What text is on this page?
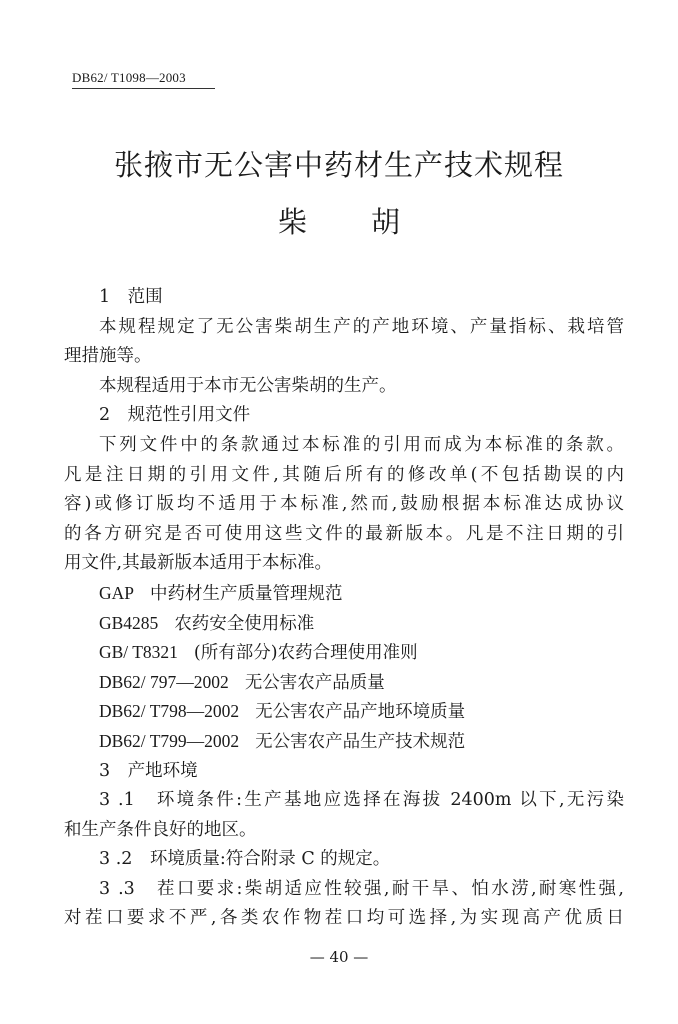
DB62/ T1098—2003
张掖市无公害中药材生产技术规程
柴 胡
1　范围
本规程规定了无公害柴胡生产的产地环境、产量指标、栽培管
理措施等。
本规程适用于本市无公害柴胡的生产。
2　规范性引用文件
下列文件中的条款通过本标准的引用而成为本标准的条款。
凡是注日期的引用文件,其随后所有的修改单(不包括勘误的内
容)或修订版均不适用于本标准,然而,鼓励根据本标准达成协议
的各方研究是否可使用这些文件的最新版本。凡是不注日期的引
用文件,其最新版本适用于本标准。
GAP 中药材生产质量管理规范
GB4285 农药安全使用标准
GB/ T8321 (所有部分)农药合理使用准则
DB62/ 797—2002 无公害农产品质量
DB62/ T798—2002 无公害农产品产地环境质量
DB62/ T799—2002 无公害农产品生产技术规范
3　产地环境
3 .1　环境条件:生产基地应选择在海拔 2400m 以下,无污染
和生产条件良好的地区。
3 .2　环境质量:符合附录 C 的规定。
3 .3　茬口要求:柴胡适应性较强,耐干旱、怕水涝,耐寒性强,
对茬口要求不严,各类农作物茬口均可选择,为实现高产优质日
— 40 —
